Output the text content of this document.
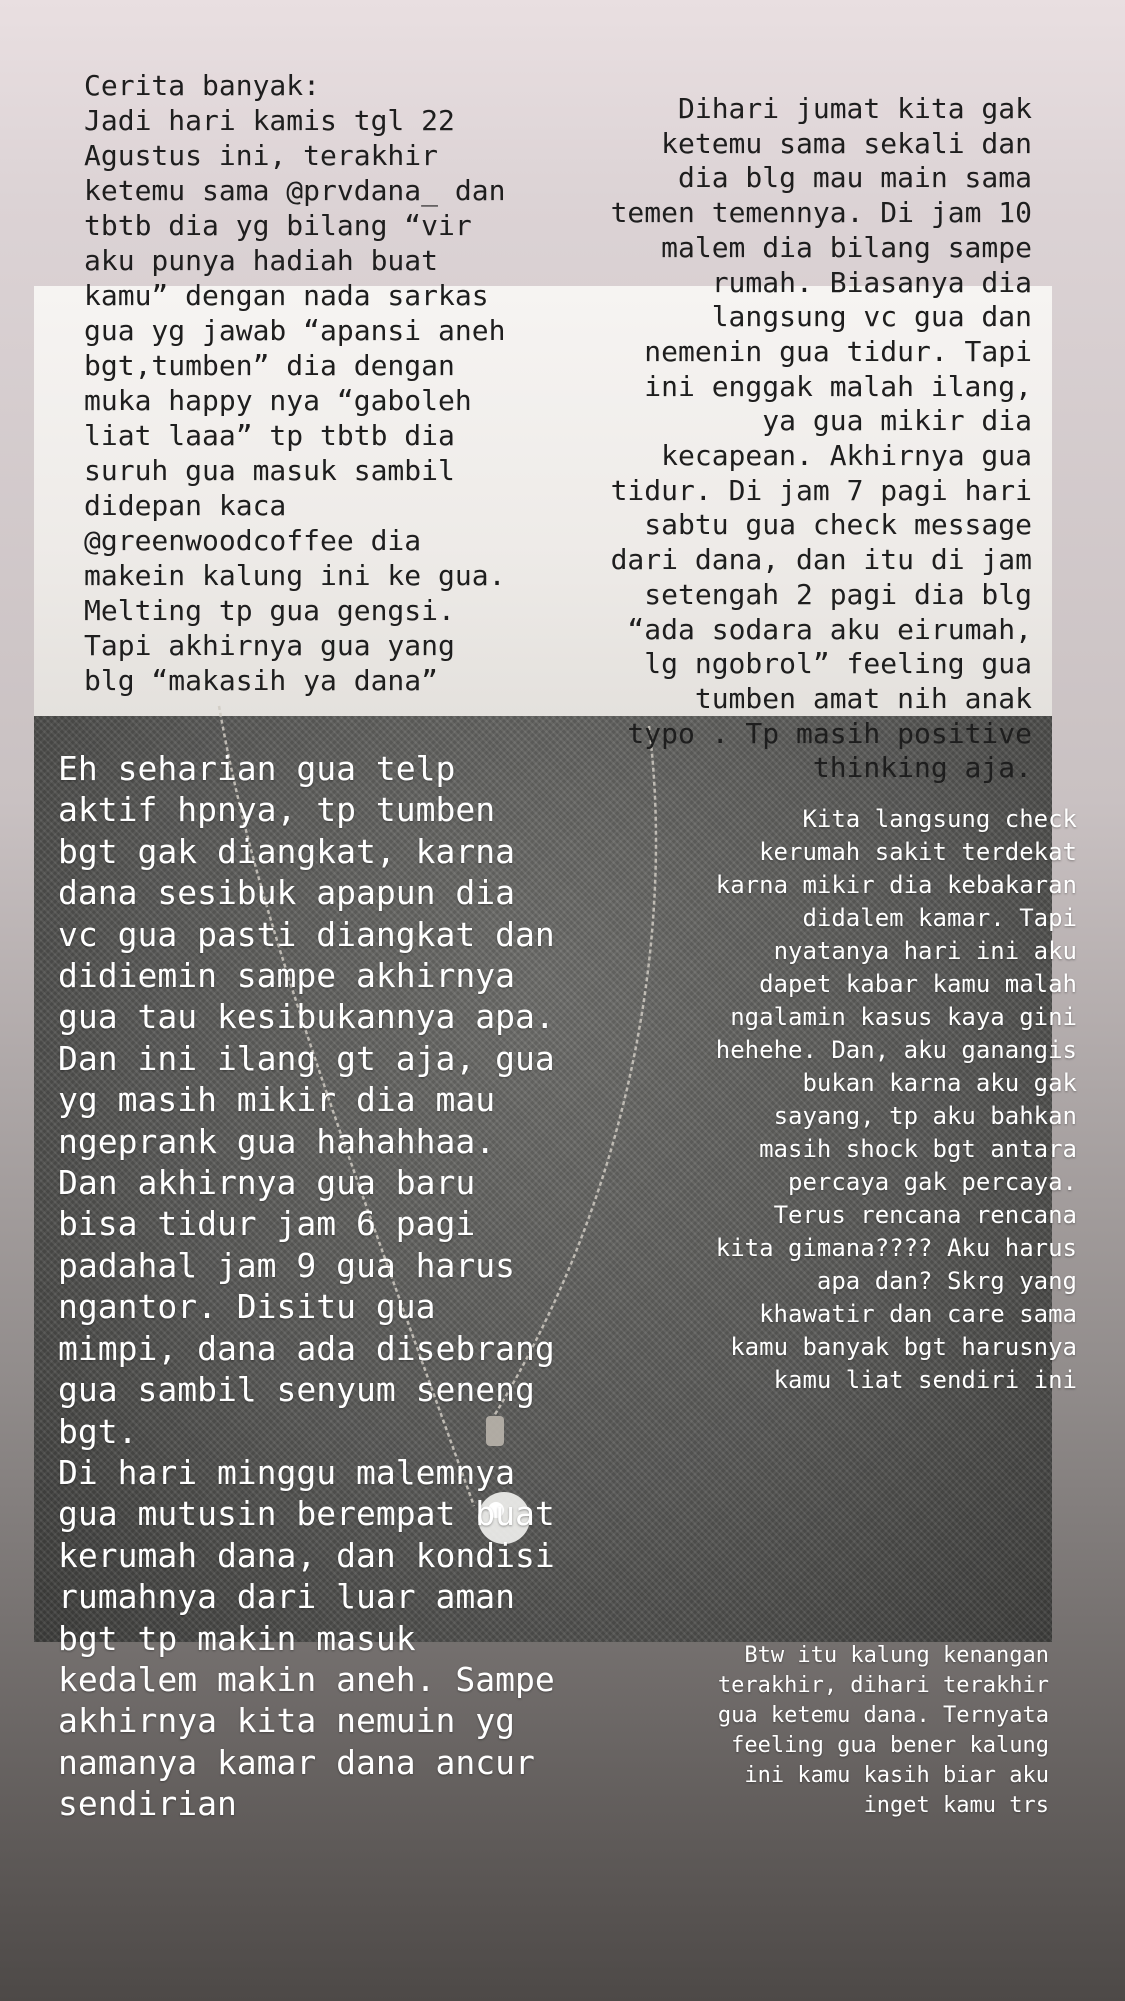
Cerita banyak:
Jadi hari kamis tgl 22
Agustus ini, terakhir
ketemu sama @prvdana_ dan
tbtb dia yg bilang “vir
aku punya hadiah buat
kamu” dengan nada sarkas
gua yg jawab “apansi aneh
bgt,tumben” dia dengan
muka happy nya “gaboleh
liat laaa” tp tbtb dia
suruh gua masuk sambil
didepan kaca
@greenwoodcoffee dia
makein kalung ini ke gua.
Melting tp gua gengsi.
Tapi akhirnya gua yang
blg “makasih ya dana”

Dihari jumat kita gak
ketemu sama sekali dan
dia blg mau main sama
temen temennya. Di jam 10
malem dia bilang sampe
rumah. Biasanya dia
langsung vc gua dan
nemenin gua tidur. Tapi
ini enggak malah ilang,
ya gua mikir dia
kecapean. Akhirnya gua
tidur. Di jam 7 pagi hari
sabtu gua check message
dari dana, dan itu di jam
setengah 2 pagi dia blg
“ada sodara aku eirumah,
lg ngobrol” feeling gua
tumben amat nih anak
typo . Tp masih positive
thinking aja.

Eh seharian gua telp
aktif hpnya, tp tumben
bgt gak diangkat, karna
dana sesibuk apapun dia
vc gua pasti diangkat dan
didiemin sampe akhirnya
gua tau kesibukannya apa.
Dan ini ilang gt aja, gua
yg masih mikir dia mau
ngeprank gua hahahhaa.
Dan akhirnya gua baru
bisa tidur jam 6 pagi
padahal jam 9 gua harus
ngantor. Disitu gua
mimpi, dana ada disebrang
gua sambil senyum seneng
bgt.
Di hari minggu malemnya
gua mutusin berempat buat
kerumah dana, dan kondisi
rumahnya dari luar aman
bgt tp makin masuk
kedalem makin aneh. Sampe
akhirnya kita nemuin yg
namanya kamar dana ancur
sendirian

Kita langsung check
kerumah sakit terdekat
karna mikir dia kebakaran
didalem kamar. Tapi
nyatanya hari ini aku
dapet kabar kamu malah
ngalamin kasus kaya gini
hehehe. Dan, aku ganangis
bukan karna aku gak
sayang, tp aku bahkan
masih shock bgt antara
percaya gak percaya.
Terus rencana rencana
kita gimana???? Aku harus
apa dan? Skrg yang
khawatir dan care sama
kamu banyak bgt harusnya
kamu liat sendiri ini

Btw itu kalung kenangan
terakhir, dihari terakhir
gua ketemu dana. Ternyata
feeling gua bener kalung
ini kamu kasih biar aku
inget kamu trs
